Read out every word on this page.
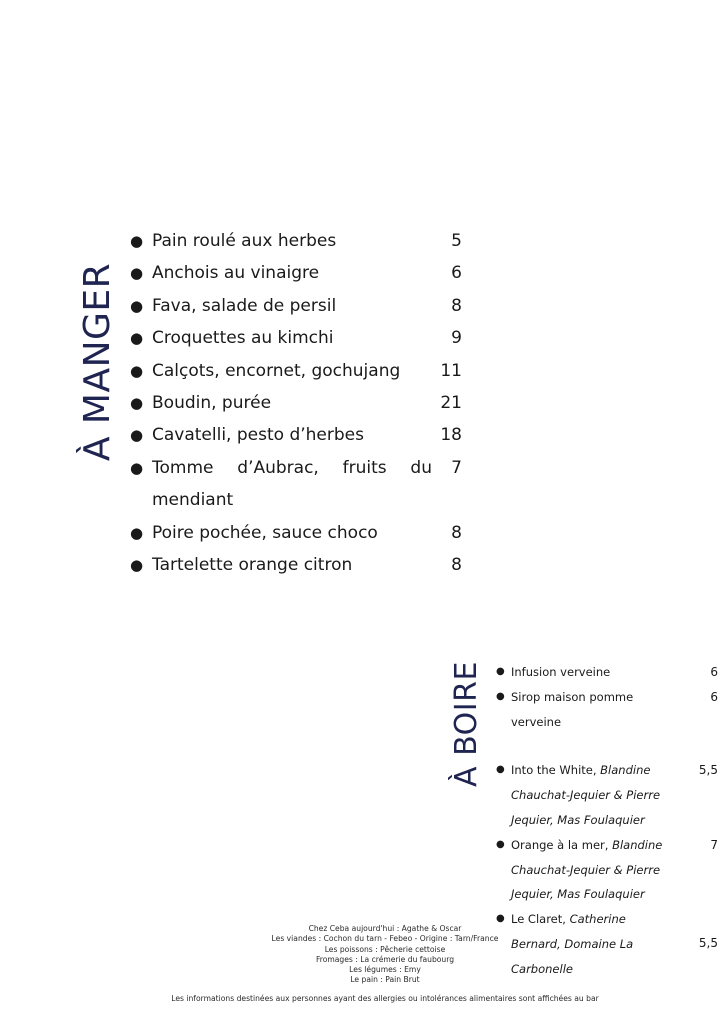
À MANGER
À BOIRE
● Pain roulé aux herbes	5
● Anchois au vinaigre	6
● Fava, salade de persil	8
● Croquettes au kimchi	9
● Calçots, encornet, gochujang	11
● Boudin, purée	21
● Cavatelli, pesto d’herbes	18
● Tomme d’Aubrac, fruits du mendiant
7
● Poire pochée, sauce choco	8
● Tartelette orange citron	8
● Infusion verveine	6
● Sirop maison pomme verveine
6
● Into the White, Blandine Chauchat-Jequier & Pierre Jequier, Mas Foulaquier
5,5
● Orange à la mer, Blandine Chauchat-Jequier & Pierre Jequier, Mas Foulaquier
7
● Le Claret, Catherine Bernard, Domaine La Carbonelle
5,5
Chez Ceba aujourd'hui : Agathe & Oscar
Les viandes : Cochon du tarn - Febeo - Origine : Tarn/France
Les poissons : Pêcherie cettoise
Fromages : La crémerie du faubourg
Les légumes : Emy
Le pain : Pain Brut
Les informations destinées aux personnes ayant des allergies ou intolérances alimentaires sont affichées au bar
